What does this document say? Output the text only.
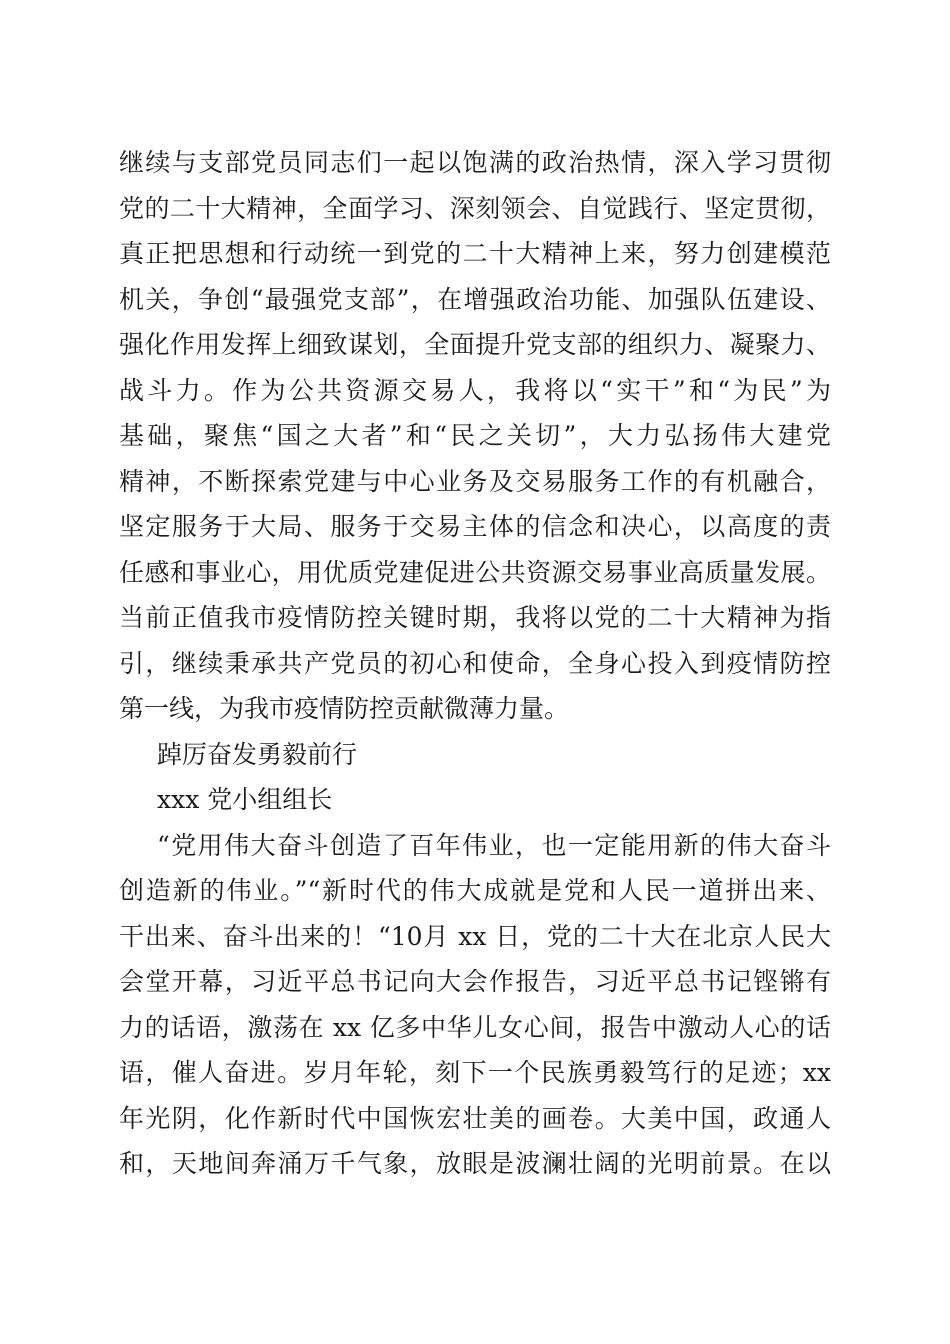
继续与支部党员同志们一起以饱满的政治热情，深入学习贯彻
党的二十大精神，全面学习、深刻领会、自觉践行、坚定贯彻，
真正把思想和行动统一到党的二十大精神上来，努力创建模范
机关，争创“最强党支部”，在增强政治功能、加强队伍建设、
强化作用发挥上细致谋划，全面提升党支部的组织力、凝聚力、
战斗力。作为公共资源交易人，我将以“实干”和“为民”为
基础，聚焦“国之大者”和“民之关切”，大力弘扬伟大建党
精神，不断探索党建与中心业务及交易服务工作的有机融合，
坚定服务于大局、服务于交易主体的信念和决心，以高度的责
任感和事业心，用优质党建促进公共资源交易事业高质量发展。
当前正值我市疫情防控关键时期，我将以党的二十大精神为指
引，继续秉承共产党员的初心和使命，全身心投入到疫情防控
第一线，为我市疫情防控贡献微薄力量。
踔厉奋发勇毅前行
xxx 党小组组长
“党用伟大奋斗创造了百年伟业，也一定能用新的伟大奋斗
创造新的伟业。”“新时代的伟大成就是党和人民一道拼出来、
干出来、奋斗出来的！“10月 xx 日，党的二十大在北京人民大
会堂开幕，习近平总书记向大会作报告，习近平总书记铿锵有
力的话语，激荡在 xx 亿多中华儿女心间，报告中激动人心的话
语，催人奋进。岁月年轮，刻下一个民族勇毅笃行的足迹；xx
年光阴，化作新时代中国恢宏壮美的画卷。大美中国，政通人
和，天地间奔涌万千气象，放眼是波澜壮阔的光明前景。在以
